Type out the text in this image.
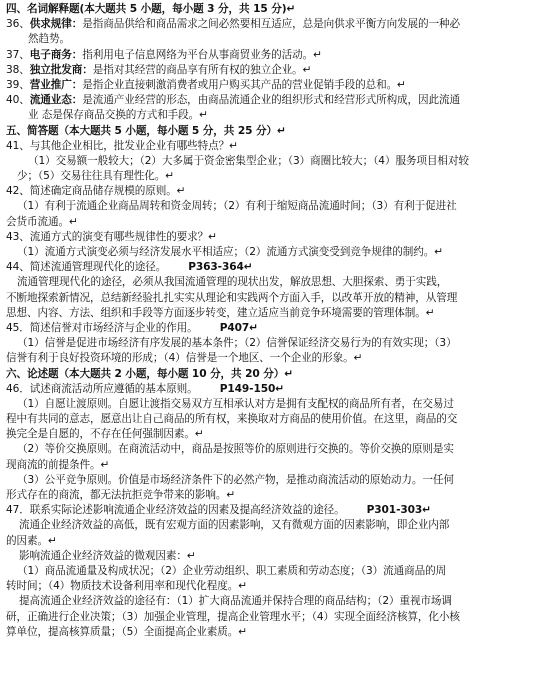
四、名词解释题(本大题共 5 小题，每小题 3 分，共 15 分)↵
36、供求规律：是指商品供给和商品需求之间必然要相互适应，总是向供求平衡方向发展的一种必
然趋势。
37、电子商务：指利用电子信息网络为平台从事商贸业务的活动。↵
38、独立批发商：是指对其经营的商品享有所有权的独立企业。↵
39、营业推广：是指企业直接刺激消费者或用户购买其产品的营业促销手段的总和。↵
40、流通业态：是流通产业经营的形态，由商品流通企业的组织形式和经营形式所构成，因此流通
业 态是保存商品交换的方式和手段。↵
五、简答题（本大题共 5 小题，每小题 5 分，共 25 分）↵
41、与其他企业相比，批发业企业有哪些特点？↵
（1）交易额一般较大；（2）大多属于资金密集型企业；（3）商圈比较大；（4）服务项目相对较
少；（5）交易往往具有理性化。↵
42、简述确定商品储存规模的原则。↵
（1）有利于流通企业商品周转和资金周转；（2）有利于缩短商品流通时间；（3）有利于促进社
会货币流通。↵
43、流通方式的演变有哪些规律性的要求？↵
（1）流通方式演变必须与经济发展水平相适应；（2）流通方式演变受到竞争规律的制约。↵
44、简述流通管理现代化的途径。 P363-364↵
流通管理现代化的途径，必须从我国流通管理的现状出发，解放思想、大胆探索、勇于实践，
不断地探索新情况，总结新经验扎扎实实从理论和实践两个方面入手，以改革开放的精神，从管理
思想、内容、方法、组织和手段等方面逐步转变，建立适应当前竞争环境需要的管理体制。↵
45．简述信誉对市场经济与企业的作用。 P407↵
（1）信誉是促进市场经济有序发展的基本条件；（2）信誉保证经济交易行为的有效实现；（3）
信誉有利于良好投资环境的形成；（4）信誉是一个地区、一个企业的形象。↵
六、论述题（本大题共 2 小题，每小题 10 分，共 20 分）↵
46．试述商流活动所应遵循的基本原则。 P149-150↵
（1）自愿让渡原则。自愿让渡指交易双方互相承认对方是拥有支配权的商品所有者，在交易过
程中有共同的意志，愿意出让自己商品的所有权，来换取对方商品的使用价值。在这里，商品的交
换完全是自愿的，不存在任何强制因素。↵
（2）等价交换原则。在商流活动中，商品是按照等价的原则进行交换的。等价交换的原则是实
现商流的前提条件。↵
（3）公平竞争原则。价值是市场经济条件下的必然产物，是推动商流活动的原始动力。一任何
形式存在的商流，都无法抗拒竞争带来的影响。↵
47．联系实际论述影响流通企业经济效益的因素及提高经济效益的途径。 P301-303↵
流通企业经济效益的高低，既有宏观方面的因素影响，又有微观方面的因素影响，即企业内部
的因素。↵
影响流通企业经济效益的微观因素：↵
（1）商品流通量及构成状况；（2）企业劳动组织、职工素质和劳动态度；（3）流通商品的周
转时间；（4）物质技术设备利用率和现代化程度。↵
提高流通企业经济效益的途径有：（1）扩大商品流通并保持合理的商品结构；（2）重视市场调
研，正确进行企业决策；（3）加强企业管理，提高企业管理水平；（4）实现全面经济核算，化小核
算单位，提高核算质量；（5）全面提高企业素质。↵
